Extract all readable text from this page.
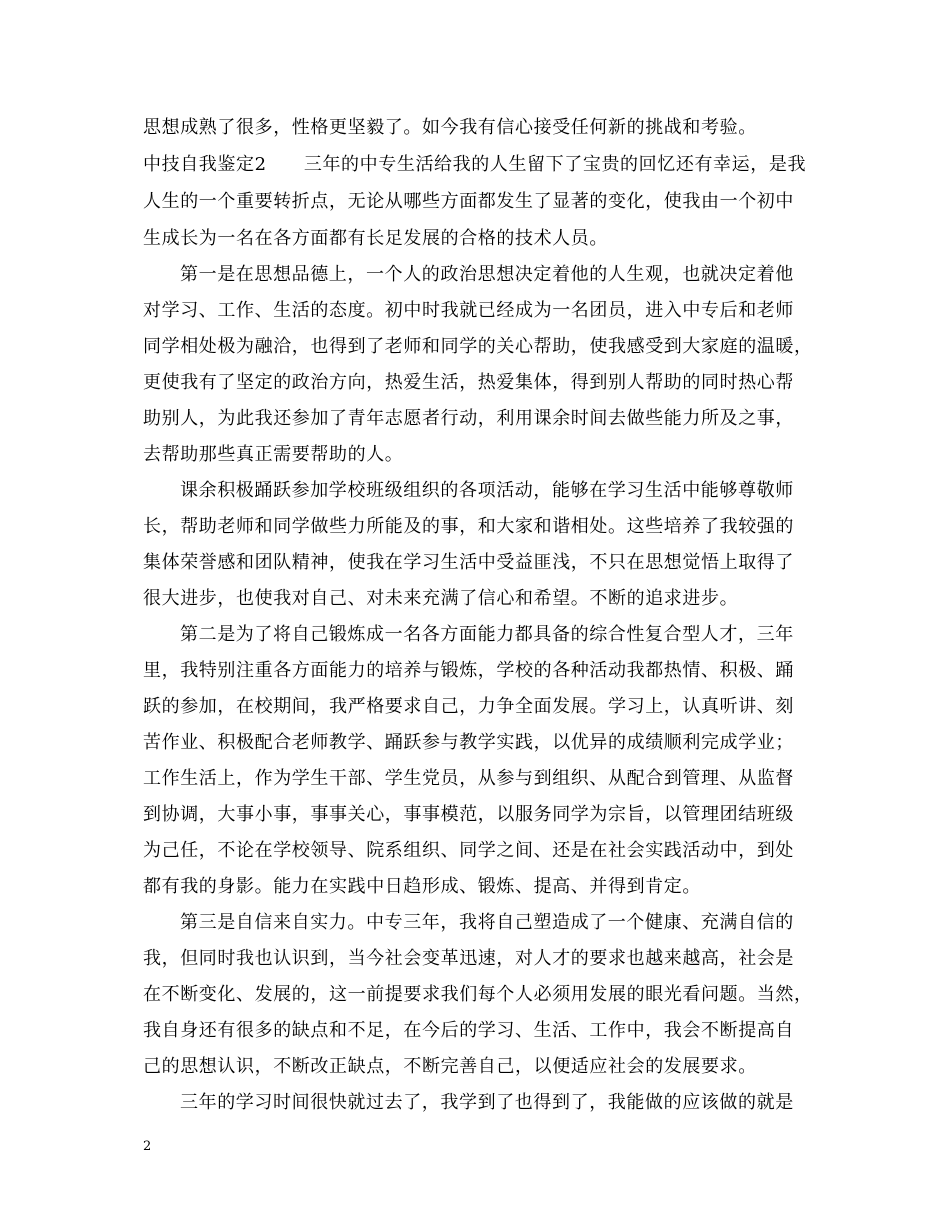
思想成熟了很多，性格更坚毅了。如今我有信心接受任何新的挑战和考验。
中技自我鉴定2　　三年的中专生活给我的人生留下了宝贵的回忆还有幸运，是我
人生的一个重要转折点，无论从哪些方面都发生了显著的变化，使我由一个初中
生成长为一名在各方面都有长足发展的合格的技术人员。
第一是在思想品德上，一个人的政治思想决定着他的人生观，也就决定着他
对学习、工作、生活的态度。初中时我就已经成为一名团员，进入中专后和老师
同学相处极为融洽，也得到了老师和同学的关心帮助，使我感受到大家庭的温暖，
更使我有了坚定的政治方向，热爱生活，热爱集体，得到别人帮助的同时热心帮
助别人，为此我还参加了青年志愿者行动，利用课余时间去做些能力所及之事，
去帮助那些真正需要帮助的人。
课余积极踊跃参加学校班级组织的各项活动，能够在学习生活中能够尊敬师
长，帮助老师和同学做些力所能及的事，和大家和谐相处。这些培养了我较强的
集体荣誉感和团队精神，使我在学习生活中受益匪浅，不只在思想觉悟上取得了
很大进步，也使我对自己、对未来充满了信心和希望。不断的追求进步。
第二是为了将自己锻炼成一名各方面能力都具备的综合性复合型人才，三年
里，我特别注重各方面能力的培养与锻炼，学校的各种活动我都热情、积极、踊
跃的参加，在校期间，我严格要求自己，力争全面发展。学习上，认真听讲、刻
苦作业、积极配合老师教学、踊跃参与教学实践，以优异的成绩顺利完成学业；
工作生活上，作为学生干部、学生党员，从参与到组织、从配合到管理、从监督
到协调，大事小事，事事关心，事事模范，以服务同学为宗旨，以管理团结班级
为己任，不论在学校领导、院系组织、同学之间、还是在社会实践活动中，到处
都有我的身影。能力在实践中日趋形成、锻炼、提高、并得到肯定。
第三是自信来自实力。中专三年，我将自己塑造成了一个健康、充满自信的
我，但同时我也认识到，当今社会变革迅速，对人才的要求也越来越高，社会是
在不断变化、发展的，这一前提要求我们每个人必须用发展的眼光看问题。当然，
我自身还有很多的缺点和不足，在今后的学习、生活、工作中，我会不断提高自
己的思想认识，不断改正缺点，不断完善自己，以便适应社会的发展要求。
三年的学习时间很快就过去了，我学到了也得到了，我能做的应该做的就是
2
